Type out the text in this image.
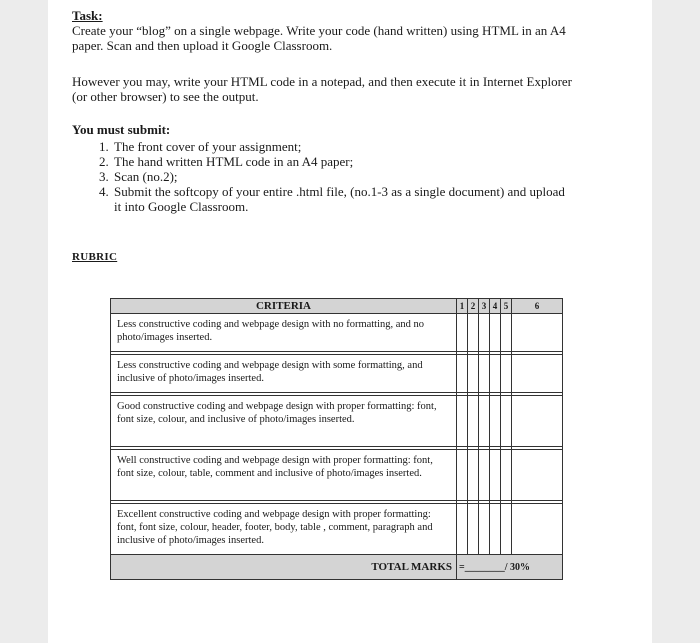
Task:

Create your “blog” on a single webpage. Write your code (hand written) using HTML in an A4 paper. Scan and then upload it Google Classroom.

However you may, write your HTML code in a notepad, and then execute it in Internet Explorer (or other browser) to see the output.

You must submit:
1. The front cover of your assignment;
2. The hand written HTML code in an A4 paper;
3. Scan (no.2);
4. Submit the softcopy of your entire .html file, (no.1-3 as a single document) and upload it into Google Classroom.
RUBRIC
CRITERIA	1	2	3	4	5	6
Less constructive coding and webpage design with no formatting, and no photo/images inserted.						

Less constructive coding and webpage design with some formatting, and inclusive of photo/images inserted.						

Good constructive coding and webpage design with proper formatting: font, font size, colour, and inclusive of photo/images inserted.						

Well constructive coding and webpage design with proper formatting: font, font size, colour, table, comment and inclusive of photo/images inserted.						

Excellent constructive coding and webpage design with proper formatting: font, font size, colour, header, footer, body, table , comment, paragraph and inclusive of photo/images inserted.						
TOTAL MARKS	=________/ 30%					
